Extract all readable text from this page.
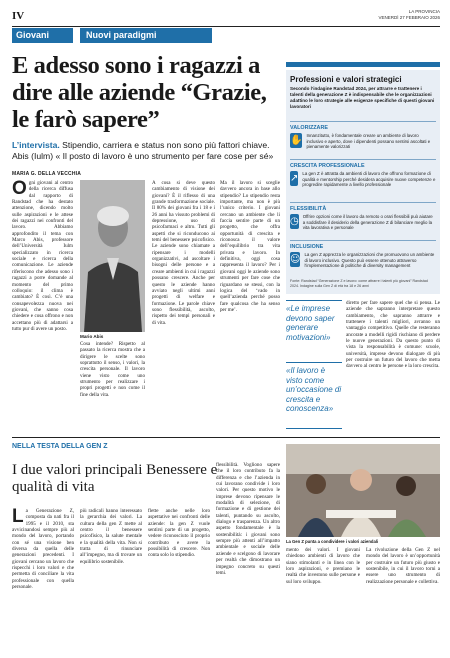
IV	LA PROVINCIA
VENERDÌ 27 FEBBRAIO 2026
Giovani	Nuovi paradigmi
E adesso sono i ragazzi a dire alle aziende “Grazie, le farò sapere”

L’intervista. Stipendio, carriera e status non sono più fattori chiave. Abis (Iulm) « Il posto di lavoro è uno strumento per fare cose per sé»

MARIA G. DELLA VECCHIA
O gni giovani al centro della ricerca diffusa dal rapporto di Randstad che ha destato attenzione, dicendo molto sulle aspirazioni e le attese dei ragazzi nei confronti del lavoro. Abbiamo approfondito il tema con Marco Abis, professore dell’Università Iulm specializzato in ricerca sociale e ricerca della comunicazione. Le aziende riferiscono che adesso sono i ragazzi a porre domande al momento del primo colloquio: il clima è cambiato? È così. C’è una consapevolezza nuova nei giovani, che sanno cosa chiedere e cosa offrono e non accettano più di adattarsi a tutto pur di avere un posto.
Mario Abis
Cosa intende? Rispetto al passato la ricerca mostra che a dirigere le scelte sono soprattutto il senso, i valori, la crescita personale. Il lavoro viene visto come uno strumento per realizzare i propri progetti e non come il fine della vita.
A cosa si deve questo cambiamento di visione dei giovani? È il riflesso di una grande trasformazione sociale. Il 80% dei giovani fra i 18 e i 26 anni ha vissuto problemi di depressione, uso di psicofarmaci e altro. Tutti gli aspetti che si riconducono ai temi del benessere psicofisico. Le aziende sono chiamate a ripensare i modelli organizzativi, ad ascoltare i bisogni delle persone e a creare ambienti in cui i ragazzi possano crescere. Anche per questo le aziende hanno avviato negli ultimi anni progetti di welfare e formazione. Le parole chiave sono flessibilità, ascolto, rispetto dei tempi personali e di vita.
Ma il lavoro si sceglie davvero ancora in base allo stipendio? Lo stipendio resta importante, ma non è più l’unico criterio. I giovani cercano un ambiente che li faccia sentire parte di un progetto, che offra opportunità di crescita e riconosca il valore dell’equilibrio tra vita privata e lavoro. In definitiva, oggi cosa rappresenta il lavoro? Per i giovani oggi le aziende sono strumenti per fare cose che riguardano se stessi, con la logica del ‘vado in quell’azienda perché posso fare qualcosa che ha senso per me’.
Professioni e valori strategici
Secondo l’indagine Randstad 2024, per attrarre e trattenere i talenti della generazione Z è indispensabile che le organizzazioni adattino le loro strategie alle esigenze specifiche di questi giovani lavoratori
VALORIZZARE
✋ Innanzitutto, è fondamentale creare un ambiente di lavoro inclusivo e aperto, dove i dipendenti possano sentirsi ascoltati e pienamente valorizzati
CRESCITA PROFESSIONALE
↗ La gen Z è attratta da ambienti di lavoro che offrono formazione di qualità e mentorship perché desidera acquisire nuove competenze e progredire rapidamente a livello professionale
FLESSIBILITÀ
◷ Offrire opzioni come il lavoro da remoto o orari flessibili può aiutare a soddisfare il desiderio della generazione Z di bilanciare meglio la vita lavorativa e personale
INCLUSIONE
☺ La gen Z apprezza le organizzazioni che promuovono un ambiente di lavoro inclusivo. Questo può essere ottenuto attraverso l’implementazione di politiche di diversity management
Fonte: Randstad “Generazione Z e lavoro: come attrarre i talenti più giovani” Randstad 2024. Indagine sulla Gen Z di età tra 18 e 26 anni
«Le imprese devono saper generare motivazioni»
«Il lavoro è visto come un’occasione di crescita e conoscenza»
diretto per fare sapere quel che si pensa. Le aziende che sapranno interpretare questo cambiamento, che sapranno attrarre e trattenere i talenti migliori, avranno un vantaggio competitivo. Quelle che resteranno ancorate a modelli rigidi rischiano di perdere le nuove generazioni. Da questo punto di vista la responsabilità è comune: scuole, università, imprese devono dialogare di più per costruire un futuro del lavoro che metta davvero al centro le persone e la loro crescita.
NELLA TESTA DELLA GEN Z
I due valori principali Benessere e qualità di vita
L a Generazione Z, composta da nati fra il 1995 e il 2010, sta avvicinandosi sempre più al mondo del lavoro, portando con sé una visione ben diversa da quella delle generazioni precedenti. I giovani cercano un lavoro che rispecchi i loro valori e che permetta di conciliare la vita professionale con quella personale.
più radicali hanno interessato la gerarchia dei valori. La cultura della gen Z mette al centro il benessere psicofisico, la salute mentale e la qualità della vita. Non si tratta di rinunciare all’impegno, ma di trovare un equilibrio sostenibile.
flette anche nelle loro aspettative nei confronti delle aziende: la gen Z vuole sentirsi parte di un progetto, vedere riconosciuto il proprio contributo e avere la possibilità di crescere. Non conta solo lo stipendio.
flessibilità. Vogliono sapere che il loro contributo fa la differenza e che l’azienda in cui lavorano condivide i loro valori. Per questo motivo le imprese devono ripensare le modalità di selezione, di formazione e di gestione dei talenti, puntando su ascolto, dialogo e trasparenza. Un altro aspetto fondamentale è la sostenibilità: i giovani sono sempre più attenti all’impatto ambientale e sociale delle aziende e scelgono di lavorare per realtà che dimostrano un impegno concreto su questi temi.
La Gen Z punta a condividere i valori aziendali
mento dei valori. I giovani chiedono ambienti di lavoro che siano stimolanti e in linea con le loro aspirazioni, e premiano le realtà che investono sulle persone e sul loro sviluppo.
La rivoluzione della Gen Z nel mondo del lavoro è un’opportunità per costruire un futuro più giusto e sostenibile, in cui il lavoro torni a essere uno strumento di realizzazione personale e collettiva.
